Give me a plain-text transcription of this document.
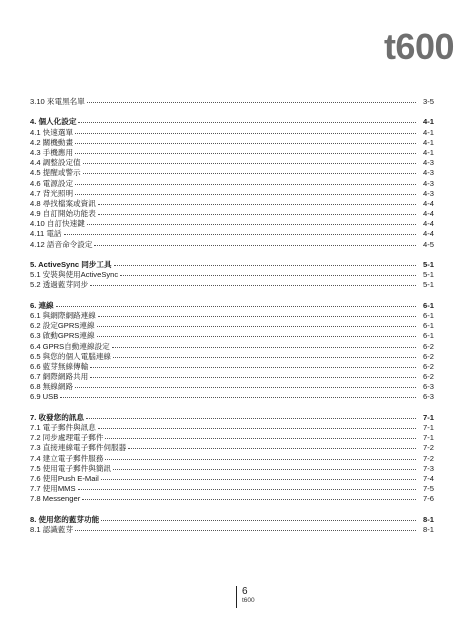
t600
3.10 來電黑名單	3-5
4. 個人化設定	4-1
4.1 快速選單	4-1
4.2 關機動畫	4-1
4.3 手機應用	4-1
4.4 調整設定值	4-3
4.5 提醒或警示	4-3
4.6 電源設定	4-3
4.7 背光照明	4-3
4.8 尋找檔案或資訊	4-4
4.9 自訂開始功能表	4-4
4.10 自訂快速鍵	4-4
4.11 電話	4-4
4.12 語音命令設定	4-5
5. ActiveSync 同步工具	5-1
5.1 安裝與使用ActiveSync	5-1
5.2 透過藍芽同步	5-1
6. 連線	6-1
6.1 與網際網路連線	6-1
6.2 設定GPRS連線	6-1
6.3 啟動GPRS連線	6-1
6.4 GPRS自動連線設定	6-2
6.5 與您的個人電腦連線	6-2
6.6 藍芽無線傳輸	6-2
6.7 網際網路共用	6-2
6.8 無線網路	6-3
6.9 USB	6-3
7. 收發您的訊息	7-1
7.1 電子郵件與訊息	7-1
7.2 同步處理電子郵件	7-1
7.3 直接連線電子郵件伺服器	7-2
7.4 建立電子郵件服務	7-2
7.5 使用電子郵件與簡訊	7-3
7.6 使用Push E-Mail	7-4
7.7 使用MMS	7-5
7.8 Messenger	7-6
8. 使用您的藍芽功能	8-1
8.1 認識藍芽	8-1
6
t600
